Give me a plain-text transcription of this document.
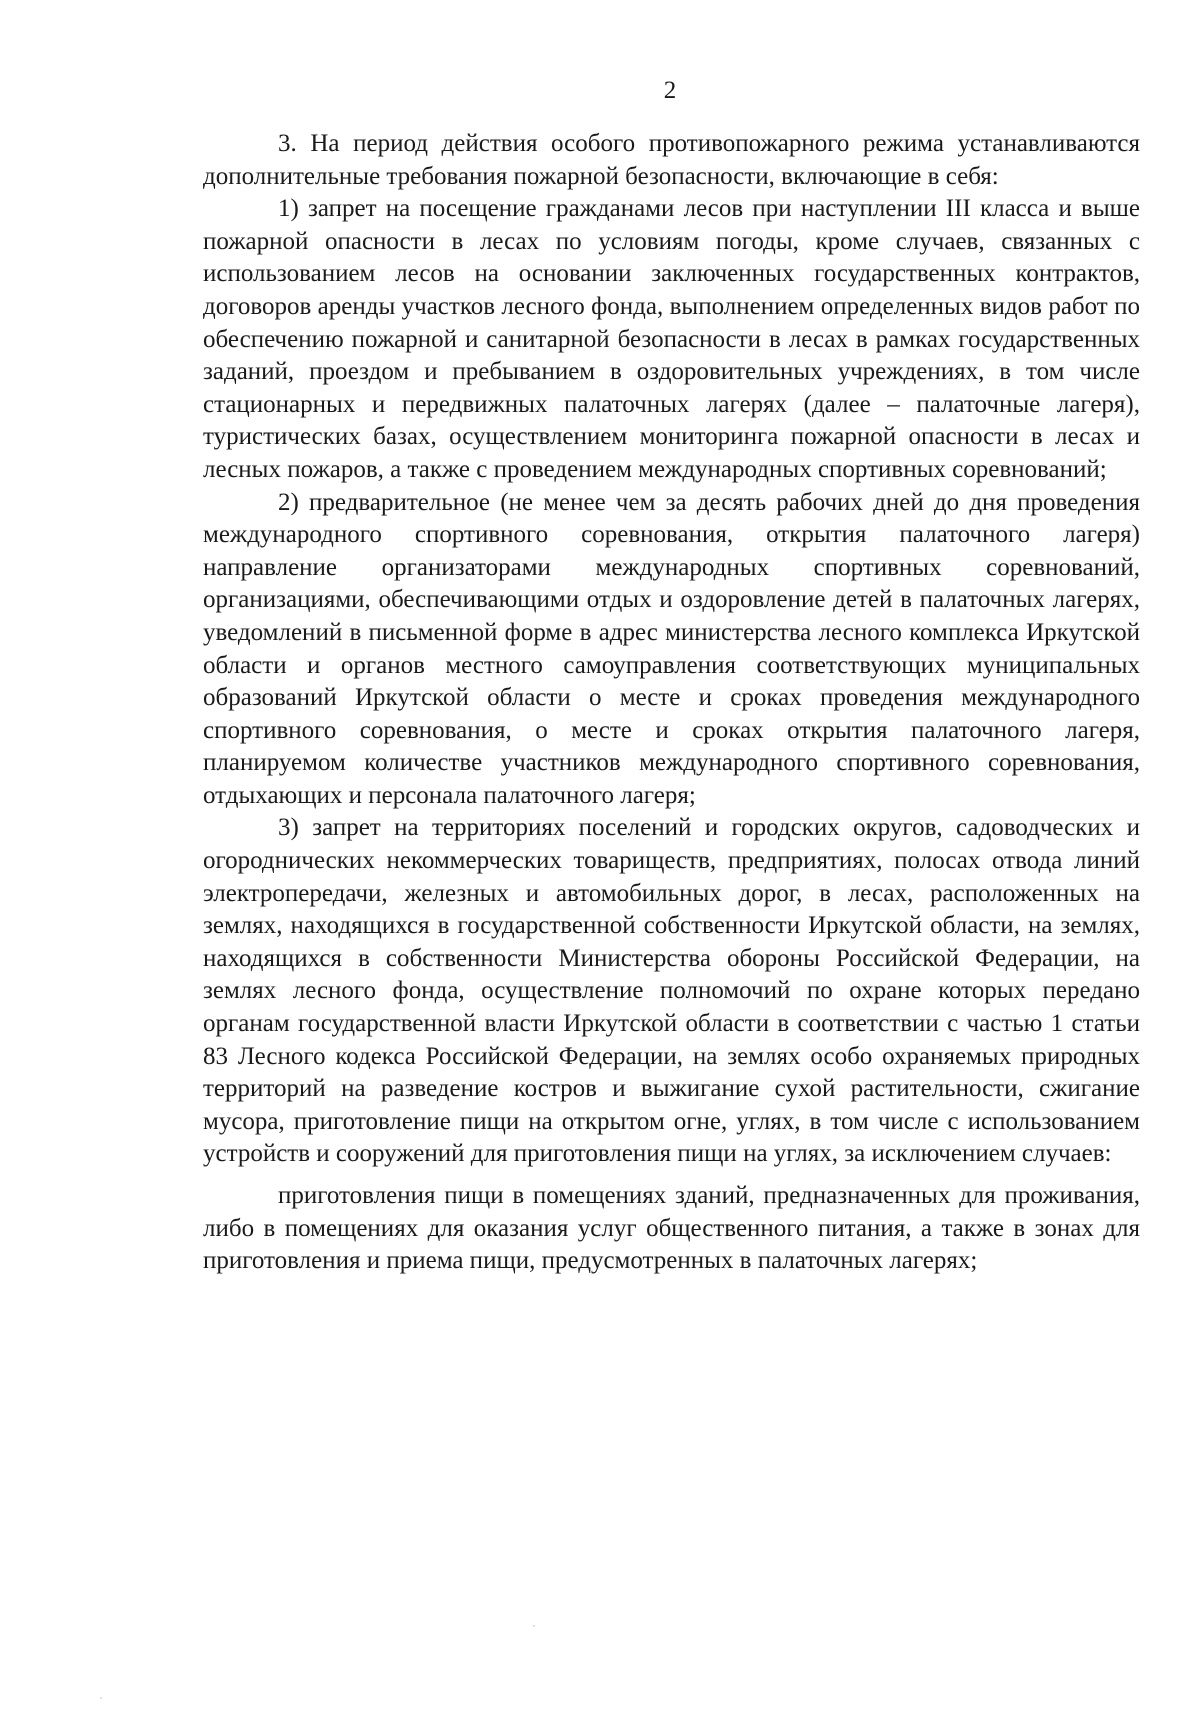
2

3. На период действия особого противопожарного режима устанавливаются дополнительные требования пожарной безопасности, включающие в себя:

1) запрет на посещение гражданами лесов при наступлении III класса и выше пожарной опасности в лесах по условиям погоды, кроме случаев, связанных с использованием лесов на основании заключенных государственных контрактов, договоров аренды участков лесного фонда, выполнением определенных видов работ по обеспечению пожарной и санитарной безопасности в лесах в рамках государственных заданий, проездом и пребыванием в оздоровительных учреждениях, в том числе стационарных и передвижных палаточных лагерях (далее – палаточные лагеря), туристических базах, осуществлением мониторинга пожарной опасности в лесах и лесных пожаров, а также с проведением международных спортивных соревнований;

2) предварительное (не менее чем за десять рабочих дней до дня проведения международного спортивного соревнования, открытия палаточного лагеря) направление организаторами международных спортивных соревнований, организациями, обеспечивающими отдых и оздоровление детей в палаточных лагерях, уведомлений в письменной форме в адрес министерства лесного комплекса Иркутской области и органов местного самоуправления соответствующих муниципальных образований Иркутской области о месте и сроках проведения международного спортивного соревнования, о месте и сроках открытия палаточного лагеря, планируемом количестве участников международного спортивного соревнования, отдыхающих и персонала палаточного лагеря;

3) запрет на территориях поселений и городских округов, садоводческих и огороднических некоммерческих товариществ, предприятиях, полосах отвода линий электропередачи, железных и автомобильных дорог, в лесах, расположенных на землях, находящихся в государственной собственности Иркутской области, на землях, находящихся в собственности Министерства обороны Российской Федерации, на землях лесного фонда, осуществление полномочий по охране которых передано органам государственной власти Иркутской области в соответствии с частью 1 статьи 83 Лесного кодекса Российской Федерации, на землях особо охраняемых природных территорий на разведение костров и выжигание сухой растительности, сжигание мусора, приготовление пищи на открытом огне, углях, в том числе с использованием устройств и сооружений для приготовления пищи на углях, за исключением случаев:

приготовления пищи в помещениях зданий, предназначенных для проживания, либо в помещениях для оказания услуг общественного питания, а также в зонах для приготовления и приема пищи, предусмотренных в палаточных лагерях;
